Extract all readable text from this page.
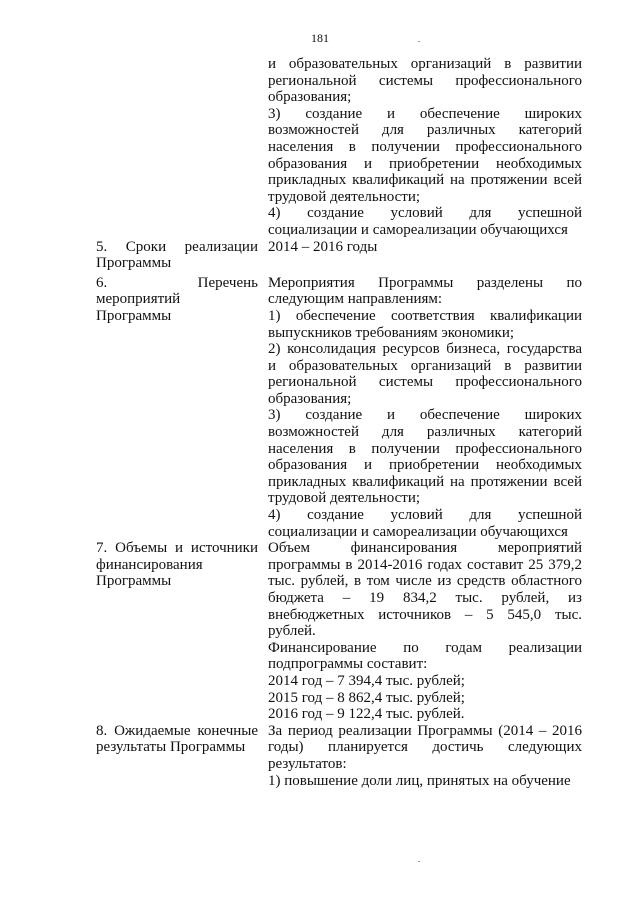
181

и образовательных организаций в развитии региональной системы профессионального образования;

3) создание и обеспечение широких возможностей для различных категорий населения в получении профессионального образования и приобретении необходимых прикладных квалификаций на протяжении всей трудовой деятельности;

4) создание условий для успешной социализации и самореализации обучающихся

5. Сроки реализации
Программы

2014 – 2016 годы

6. Перечень
мероприятий
Программы

Мероприятия Программы разделены по следующим направлениям:

1) обеспечение соответствия квалификации выпускников требованиям экономики;

2) консолидация ресурсов бизнеса, государства и образовательных организаций в развитии региональной системы профессионального образования;

3) создание и обеспечение широких возможностей для различных категорий населения в получении профессионального образования и приобретении необходимых прикладных квалификаций на протяжении всей трудовой деятельности;

4) создание условий для успешной социализации и самореализации обучающихся

7. Объемы и источники
финансирования
Программы

Объем финансирования мероприятий программы в 2014-2016 годах составит 25 379,2 тыс. рублей, в том числе из средств областного бюджета – 19 834,2 тыс. рублей, из внебюджетных источников – 5 545,0 тыс. рублей.

Финансирование по годам реализации подпрограммы составит:

2014 год – 7 394,4 тыс. рублей;

2015 год – 8 862,4 тыс. рублей;

2016 год – 9 122,4 тыс. рублей.

8. Ожидаемые конечные
результаты Программы

За период реализации Программы (2014 – 2016 годы) планируется достичь следующих результатов:

1) повышение доли лиц, принятых на обучение
